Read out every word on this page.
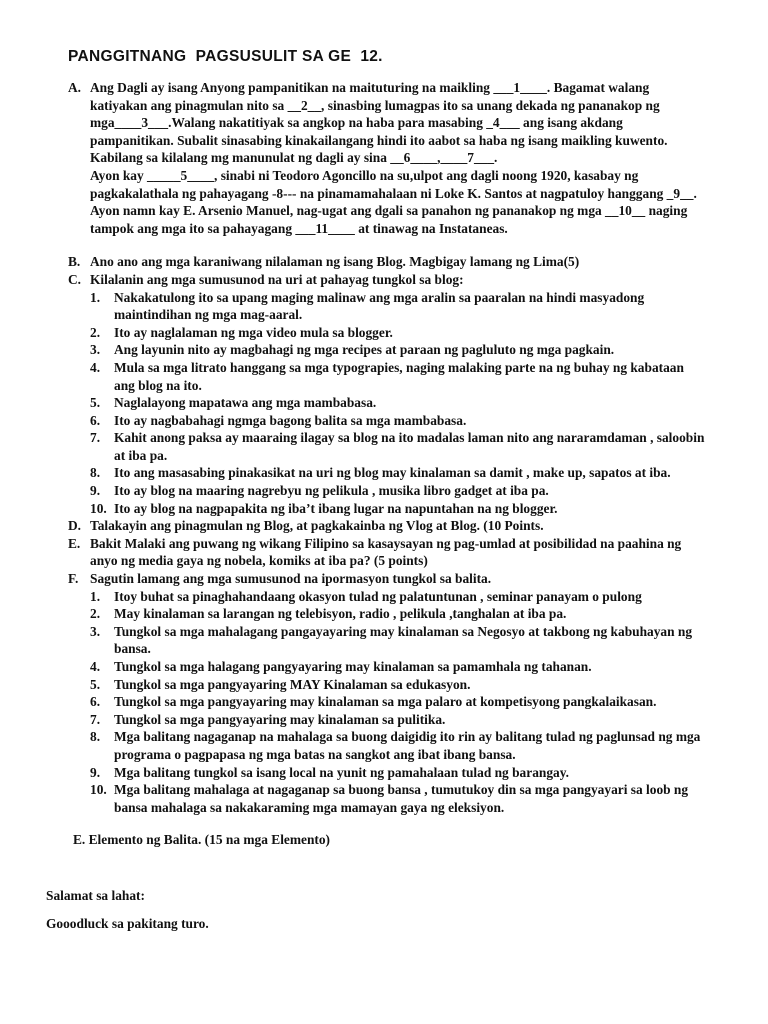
PANGGITNANG  PAGSUSULIT SA GE  12.
A. Ang Dagli ay isang Anyong pampanitikan na maituturing na maikling ___1____. Bagamat walang
katiyakan ang pinagmulan nito sa __2__, sinasbing lumagpas ito sa unang dekada ng pananakop ng
mga____3___.Walang nakatitiyak sa angkop na haba para masabing _4___ ang isang akdang
pampanitikan. Subalit sinasabing kinakailangang hindi ito aabot sa haba ng isang maikling kuwento.
Kabilang sa kilalang mg manunulat ng dagli ay sina __6____,____7___.
Ayon kay _____5____, sinabi ni Teodoro Agoncillo na su,ulpot ang dagli noong 1920, kasabay ng
pagkakalathala ng pahayagang -8--- na pinamamahalaan ni Loke K. Santos at nagpatuloy hanggang _9__.
Ayon namn kay E. Arsenio Manuel, nag-ugat ang dgali sa panahon ng pananakop ng mga __10__ naging
tampok ang mga ito sa pahayagang ___11____ at tinawag na Instataneas.
B. Ano ano ang mga karaniwang nilalaman ng isang Blog. Magbigay lamang ng Lima(5)
C. Kilalanin ang mga sumusunod na uri at pahayag tungkol sa blog:
1.	Nakakatulong ito sa upang maging malinaw ang mga aralin sa paaralan na hindi masyadong
maintindihan ng mga mag-aaral.
2.	Ito ay naglalaman ng mga video mula sa blogger.
3.	Ang layunin nito ay magbahagi ng mga recipes at paraan ng pagluluto ng mga pagkain.
4.	Mula sa mga litrato hanggang sa mga typograpies, naging malaking parte na ng buhay ng kabataan
ang blog na ito.
5.	Naglalayong mapatawa ang mga mambabasa.
6.	Ito ay nagbabahagi ngmga bagong balita sa mga mambabasa.
7.	Kahit anong paksa ay maaraing ilagay sa blog na ito madalas laman nito ang nararamdaman , saloobin
at iba pa.
8.	Ito ang masasabing pinakasikat na uri ng blog may kinalaman sa damit , make up, sapatos at iba.
9.	Ito ay blog na maaring nagrebyu ng pelikula , musika libro gadget at iba pa.
10. Ito ay blog na nagpapakita ng iba’t ibang lugar na napuntahan na ng blogger.
D. Talakayin ang pinagmulan ng Blog, at pagkakainba ng Vlog at Blog. (10 Points.
E. Bakit Malaki ang puwang ng wikang Filipino sa kasaysayan ng pag-umlad at posibilidad na paahina ng
anyo ng media gaya ng nobela, komiks at iba pa? (5 points)
F. Sagutin lamang ang mga sumusunod na ipormasyon tungkol sa balita.
1.	Itoy buhat sa pinaghahandaang okasyon tulad ng palatuntunan , seminar panayam o pulong
2.	May kinalaman sa larangan ng telebisyon, radio , pelikula ,tanghalan at iba pa.
3.	Tungkol sa mga mahalagang pangayayaring may kinalaman sa Negosyo at takbong ng kabuhayan ng
bansa.
4.	Tungkol sa mga halagang pangyayaring may kinalaman sa pamamhala ng tahanan.
5.	Tungkol sa mga pangyayaring MAY Kinalaman sa edukasyon.
6.	Tungkol sa mga pangyayaring may kinalaman sa mga palaro at kompetisyong pangkalaikasan.
7.	Tungkol sa mga pangyayaring may kinalaman sa pulitika.
8.	Mga balitang nagaganap na mahalaga sa buong daigidig ito rin ay balitang tulad ng paglunsad ng mga
programa o pagpapasa ng mga batas na sangkot ang ibat ibang bansa.
9.	Mga balitang tungkol sa isang local na yunit ng pamahalaan tulad ng barangay.
10. Mga balitang mahalaga at nagaganap sa buong bansa , tumutukoy din sa mga pangyayari sa loob ng
bansa mahalaga sa nakakaraming mga mamayan gaya ng eleksiyon.
E. Elemento ng Balita. (15 na mga Elemento)
Salamat sa lahat:
Gooodluck sa pakitang turo.
